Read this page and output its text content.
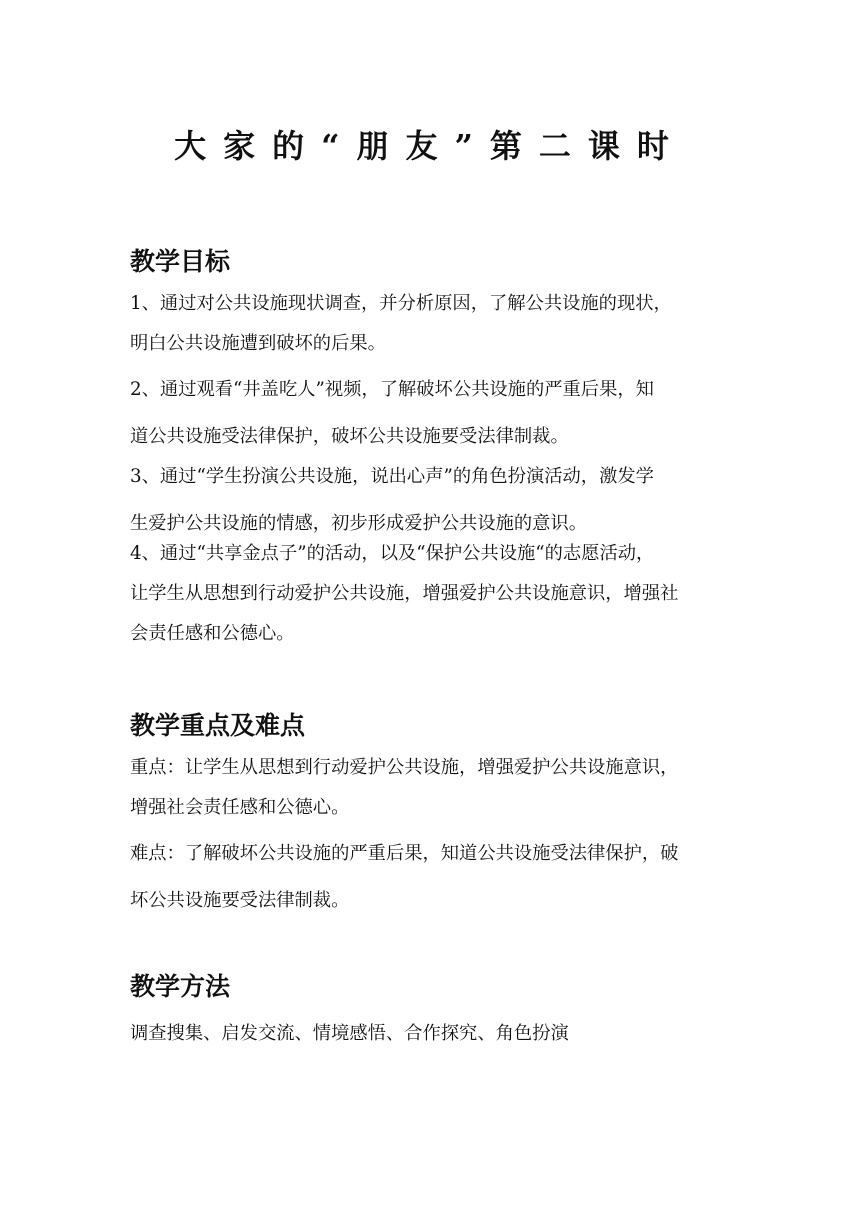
大家的“朋友”第二课时
教学目标
1、通过对公共设施现状调查，并分析原因，了解公共设施的现状，
明白公共设施遭到破坏的后果。
2、通过观看“井盖吃人”视频，了解破坏公共设施的严重后果，知
道公共设施受法律保护，破坏公共设施要受法律制裁。
3、通过“学生扮演公共设施，说出心声”的角色扮演活动，激发学
生爱护公共设施的情感，初步形成爱护公共设施的意识。
4、通过“共享金点子”的活动，以及“保护公共设施“的志愿活动，
让学生从思想到行动爱护公共设施，增强爱护公共设施意识，增强社
会责任感和公德心。
教学重点及难点
重点：让学生从思想到行动爱护公共设施，增强爱护公共设施意识，
增强社会责任感和公德心。
难点：了解破坏公共设施的严重后果，知道公共设施受法律保护，破
坏公共设施要受法律制裁。
教学方法
调查搜集、启发交流、情境感悟、合作探究、角色扮演
